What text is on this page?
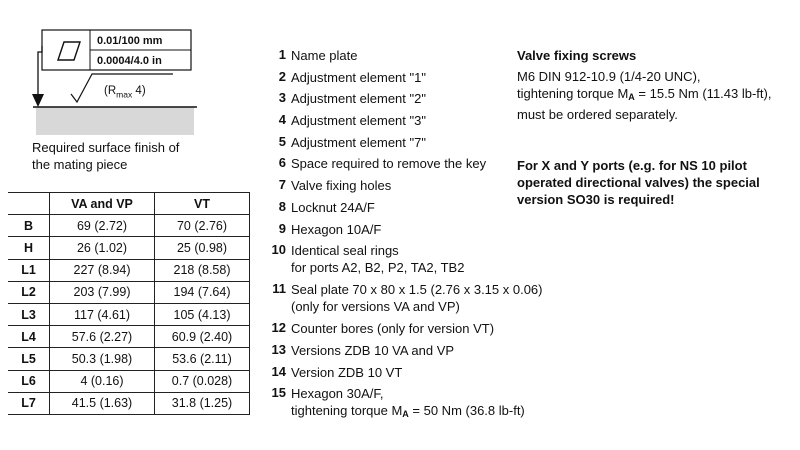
0.01/100 mm
0.0004/4.0 in
($R_{max}$ 4)
Required surface finish of
the mating piece
	VA and VP	VT
B	69 (2.72)	70 (2.76)
H	26 (1.02)	25 (0.98)
L1	227 (8.94)	218 (8.58)
L2	203 (7.99)	194 (7.64)
L3	117 (4.61)	105 (4.13)
L4	57.6 (2.27)	60.9 (2.40)
L5	50.3 (1.98)	53.6 (2.11)
L6	4 (0.16)	0.7 (0.028)
L7	41.5 (1.63)	31.8 (1.25)
1 Name plate
2 Adjustment element "1"
3 Adjustment element "2"
4 Adjustment element "3"
5 Adjustment element "7"
6 Space required to remove the key
7 Valve fixing holes
8 Locknut 24A/F
9 Hexagon 10A/F
10 Identical seal rings
for ports A2, B2, P2, TA2, TB2
11 Seal plate 70 x 80 x 1.5 (2.76 x 3.15 x 0.06)
(only for versions VA and VP)
12 Counter bores (only for version VT)
13 Versions ZDB 10 VA and VP
14 Version ZDB 10 VT
15 Hexagon 30A/F,
tightening torque $M_A = 50$ Nm (36.8 lb-ft)
Valve fixing screws
M6 DIN 912-10.9 (1/4-20 UNC),
tightening torque $M_A = 15.5$ Nm (11.43 lb-ft),
must be ordered separately.
For X and Y ports (e.g. for NS 10 pilot
operated directional valves) the special
version SO30 is required!
